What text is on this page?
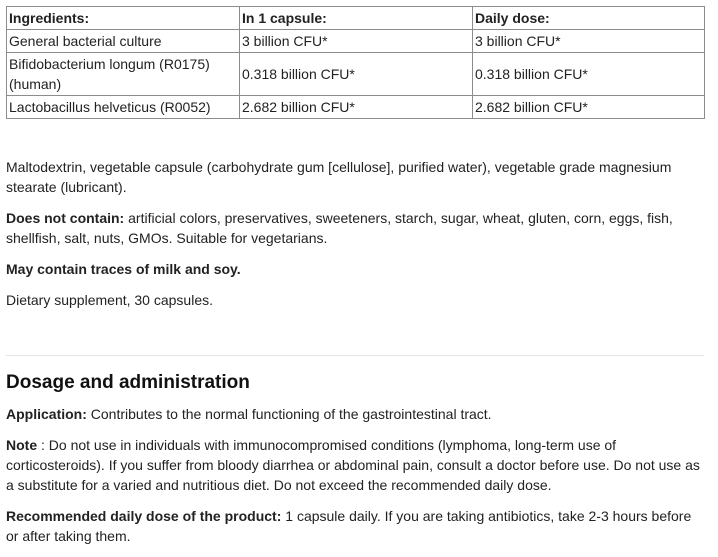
Ingredients:	In 1 capsule:	Daily dose:
General bacterial culture	3 billion CFU*	3 billion CFU*
Bifidobacterium longum (R0175) (human)	0.318 billion CFU*	0.318 billion CFU*
Lactobacillus helveticus (R0052)	2.682 billion CFU*	2.682 billion CFU*

Maltodextrin, vegetable capsule (carbohydrate gum [cellulose], purified water), vegetable grade magnesium stearate (lubricant).

Does not contain: artificial colors, preservatives, sweeteners, starch, sugar, wheat, gluten, corn, eggs, fish, shellfish, salt, nuts, GMOs. Suitable for vegetarians.

May contain traces of milk and soy.

Dietary supplement, 30 capsules.

Dosage and administration

Application: Contributes to the normal functioning of the gastrointestinal tract.

Note : Do not use in individuals with immunocompromised conditions (lymphoma, long-term use of corticosteroids). If you suffer from bloody diarrhea or abdominal pain, consult a doctor before use. Do not use as a substitute for a varied and nutritious diet. Do not exceed the recommended daily dose.

Recommended daily dose of the product: 1 capsule daily. If you are taking antibiotics, take 2-3 hours before or after taking them.
